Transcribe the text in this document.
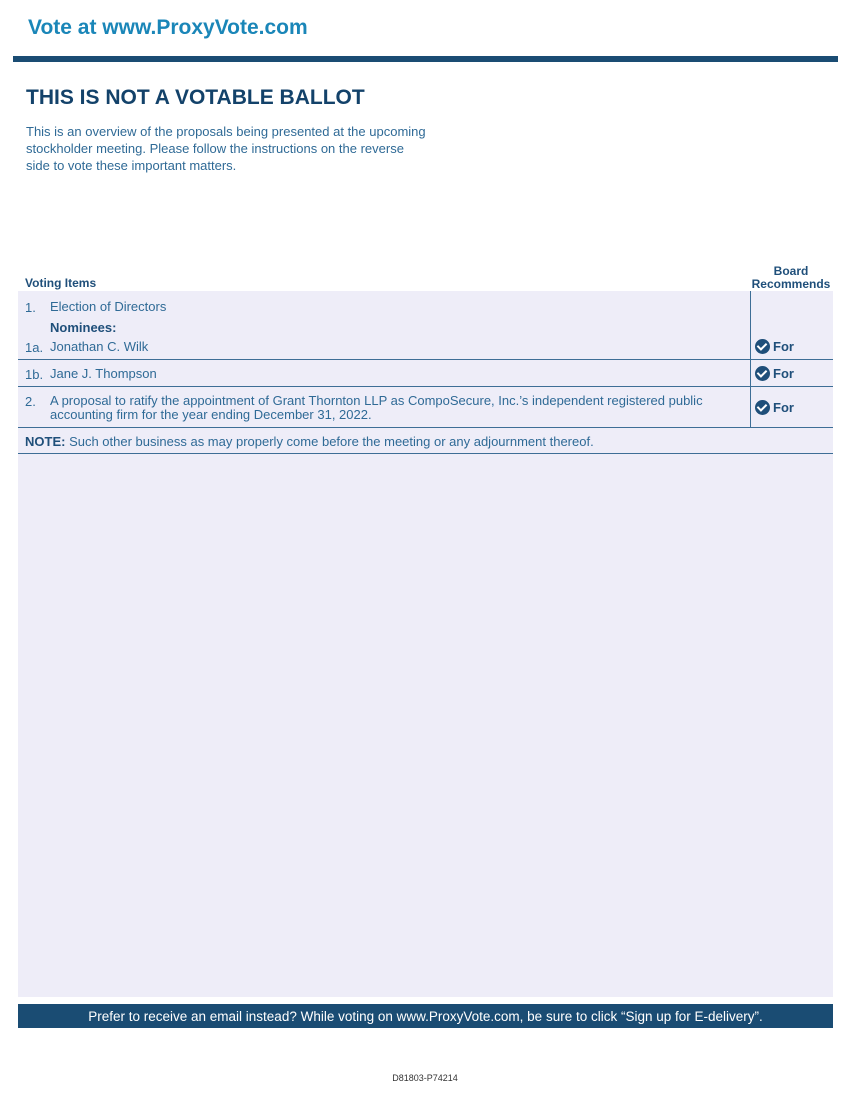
Vote at www.ProxyVote.com
THIS IS NOT A VOTABLE BALLOT
This is an overview of the proposals being presented at the upcoming stockholder meeting. Please follow the instructions on the reverse side to vote these important matters.
Voting Items
Board
Recommends
1. Election of Directors
Nominees:
1a. Jonathan C. Wilk	For
1b. Jane J. Thompson	For
2. A proposal to ratify the appointment of Grant Thornton LLP as CompoSecure, Inc.’s independent registered public
accounting firm for the year ending December 31, 2022.	For
NOTE: Such other business as may properly come before the meeting or any adjournment thereof.
Prefer to receive an email instead? While voting on www.ProxyVote.com, be sure to click “Sign up for E-delivery”.
D81803-P74214
